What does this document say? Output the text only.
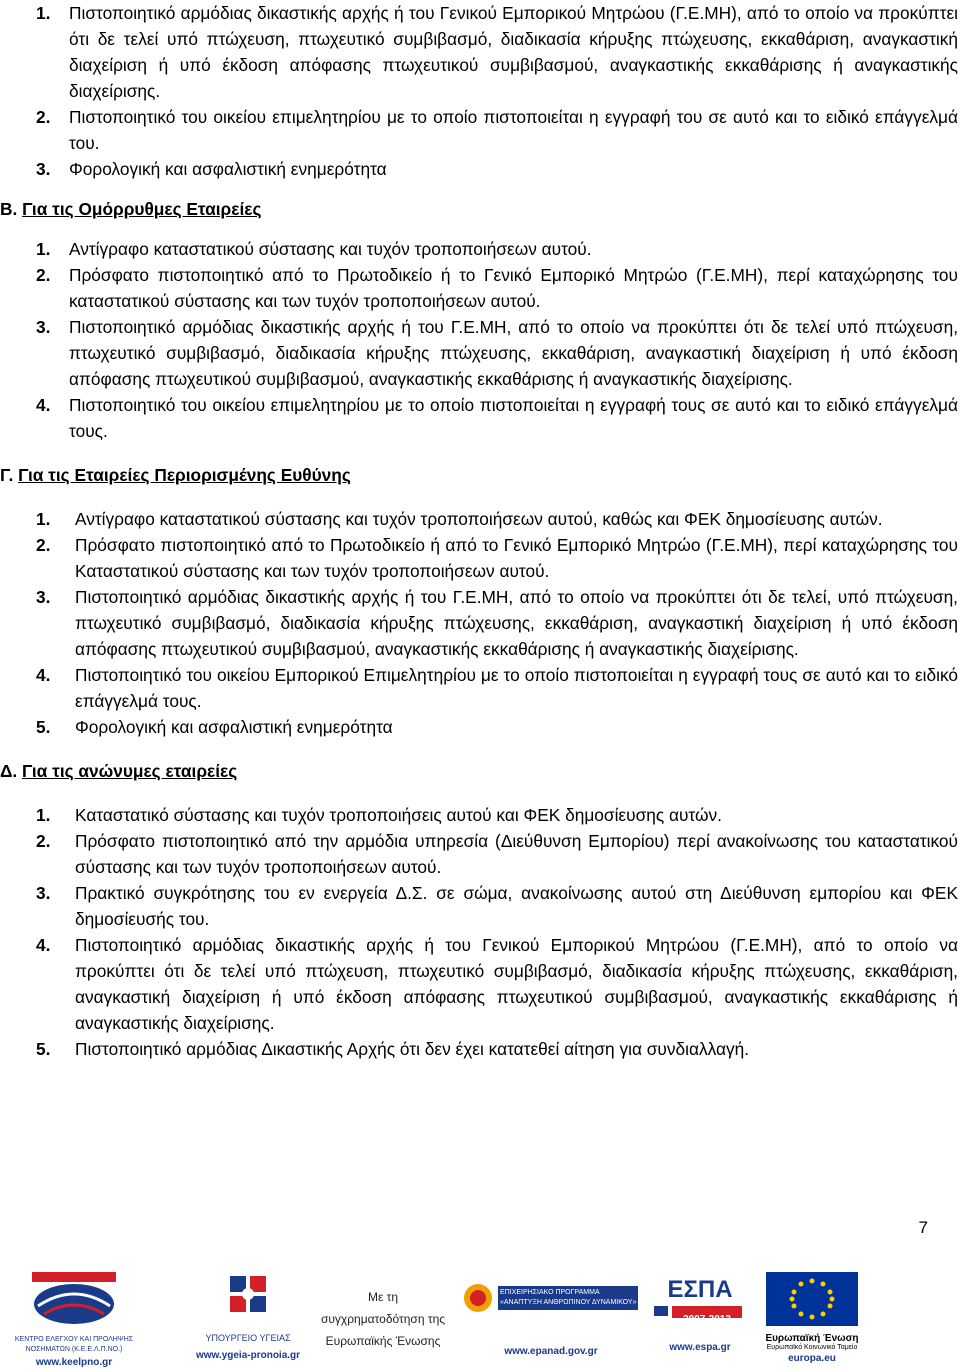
1. Πιστοποιητικό αρμόδιας δικαστικής αρχής ή του Γενικού Εμπορικού Μητρώου (Γ.Ε.ΜΗ), από το οποίο να προκύπτει ότι δε τελεί υπό πτώχευση, πτωχευτικό συμβιβασμό, διαδικασία κήρυξης πτώχευσης, εκκαθάριση, αναγκαστική διαχείριση ή υπό έκδοση απόφασης πτωχευτικού συμβιβασμού, αναγκαστικής εκκαθάρισης ή αναγκαστικής διαχείρισης.
2. Πιστοποιητικό του οικείου επιμελητηρίου με το οποίο πιστοποιείται η εγγραφή του σε αυτό και το ειδικό επάγγελμά του.
3. Φορολογική και ασφαλιστική ενημερότητα
Β. Για τις Ομόρρυθμες Εταιρείες
1. Αντίγραφο καταστατικού σύστασης και τυχόν τροποποιήσεων αυτού.
2. Πρόσφατο πιστοποιητικό από το Πρωτοδικείο ή το Γενικό Εμπορικό Μητρώο (Γ.Ε.ΜΗ), περί καταχώρησης του καταστατικού σύστασης και των τυχόν τροποποιήσεων αυτού.
3. Πιστοποιητικό αρμόδιας δικαστικής αρχής ή του Γ.Ε.ΜΗ, από το οποίο να προκύπτει ότι δε τελεί υπό πτώχευση, πτωχευτικό συμβιβασμό, διαδικασία κήρυξης πτώχευσης, εκκαθάριση, αναγκαστική διαχείριση ή υπό έκδοση απόφασης πτωχευτικού συμβιβασμού, αναγκαστικής εκκαθάρισης ή αναγκαστικής διαχείρισης.
4. Πιστοποιητικό του οικείου επιμελητηρίου με το οποίο πιστοποιείται η εγγραφή τους σε αυτό και το ειδικό επάγγελμά τους.
Γ. Για τις Εταιρείες Περιορισμένης Ευθύνης
1. Αντίγραφο καταστατικού σύστασης και τυχόν τροποποιήσεων αυτού, καθώς και ΦΕΚ δημοσίευσης αυτών.
2. Πρόσφατο πιστοποιητικό από το Πρωτοδικείο ή από το Γενικό Εμπορικό Μητρώο (Γ.Ε.ΜΗ), περί καταχώρησης του Καταστατικού σύστασης και των τυχόν τροποποιήσεων αυτού.
3. Πιστοποιητικό αρμόδιας δικαστικής αρχής ή του Γ.Ε.ΜΗ, από το οποίο να προκύπτει ότι δε τελεί, υπό πτώχευση, πτωχευτικό συμβιβασμό, διαδικασία κήρυξης πτώχευσης, εκκαθάριση, αναγκαστική διαχείριση ή υπό έκδοση απόφασης πτωχευτικού συμβιβασμού, αναγκαστικής εκκαθάρισης ή αναγκαστικής διαχείρισης.
4. Πιστοποιητικό του οικείου Εμπορικού Επιμελητηρίου με το οποίο πιστοποιείται η εγγραφή τους σε αυτό και το ειδικό επάγγελμά τους.
5. Φορολογική και ασφαλιστική ενημερότητα
Δ. Για τις ανώνυμες εταιρείες
1. Καταστατικό σύστασης και τυχόν τροποποιήσεις αυτού και ΦΕΚ δημοσίευσης αυτών.
2. Πρόσφατο πιστοποιητικό από την αρμόδια υπηρεσία (Διεύθυνση Εμπορίου) περί ανακοίνωσης του καταστατικού σύστασης και των τυχόν τροποποιήσεων αυτού.
3. Πρακτικό συγκρότησης του εν ενεργεία Δ.Σ. σε σώμα, ανακοίνωσης αυτού στη Διεύθυνση εμπορίου και ΦΕΚ δημοσίευσής του.
4. Πιστοποιητικό αρμόδιας δικαστικής αρχής ή του Γενικού Εμπορικού Μητρώου (Γ.Ε.ΜΗ), από το οποίο να προκύπτει ότι δε τελεί υπό πτώχευση, πτωχευτικό συμβιβασμό, διαδικασία κήρυξης πτώχευσης, εκκαθάριση, αναγκαστική διαχείριση ή υπό έκδοση απόφασης πτωχευτικού συμβιβασμού, αναγκαστικής εκκαθάρισης ή αναγκαστικής διαχείρισης.
5. Πιστοποιητικό αρμόδιας Δικαστικής Αρχής ότι δεν έχει κατατεθεί αίτηση για συνδιαλλαγή.
7
ΚΕΝΤΡΟ ΕΛΕΓΧΟΥ ΚΑΙ ΠΡΟΛΗΨΗΣ
ΝΟΣΗΜΑΤΩΝ (Κ.Ε.Ε.Λ.Π.ΝΟ.)
www.keelpno.gr
ΥΠΟΥΡΓΕΙΟ ΥΓΕΙΑΣ
www.ygeia-pronoia.gr
Με τη
συγχρηματοδότηση της
Ευρωπαϊκής Ένωσης
ΕΠΙΧΕΙΡΗΣΙΑΚΟ ΠΡΟΓΡΑΜΜΑ
«ΑΝΑΠΤΥΞΗ ΑΝΘΡΩΠΙΝΟΥ ΔΥΝΑΜΙΚΟΥ»
www.epanad.gov.gr
ΕΣΠΑ
2007-2013
www.espa.gr
Ευρωπαϊκή Ένωση
Ευρωπαϊκό Κοινωνικό Ταμείο
europa.eu
